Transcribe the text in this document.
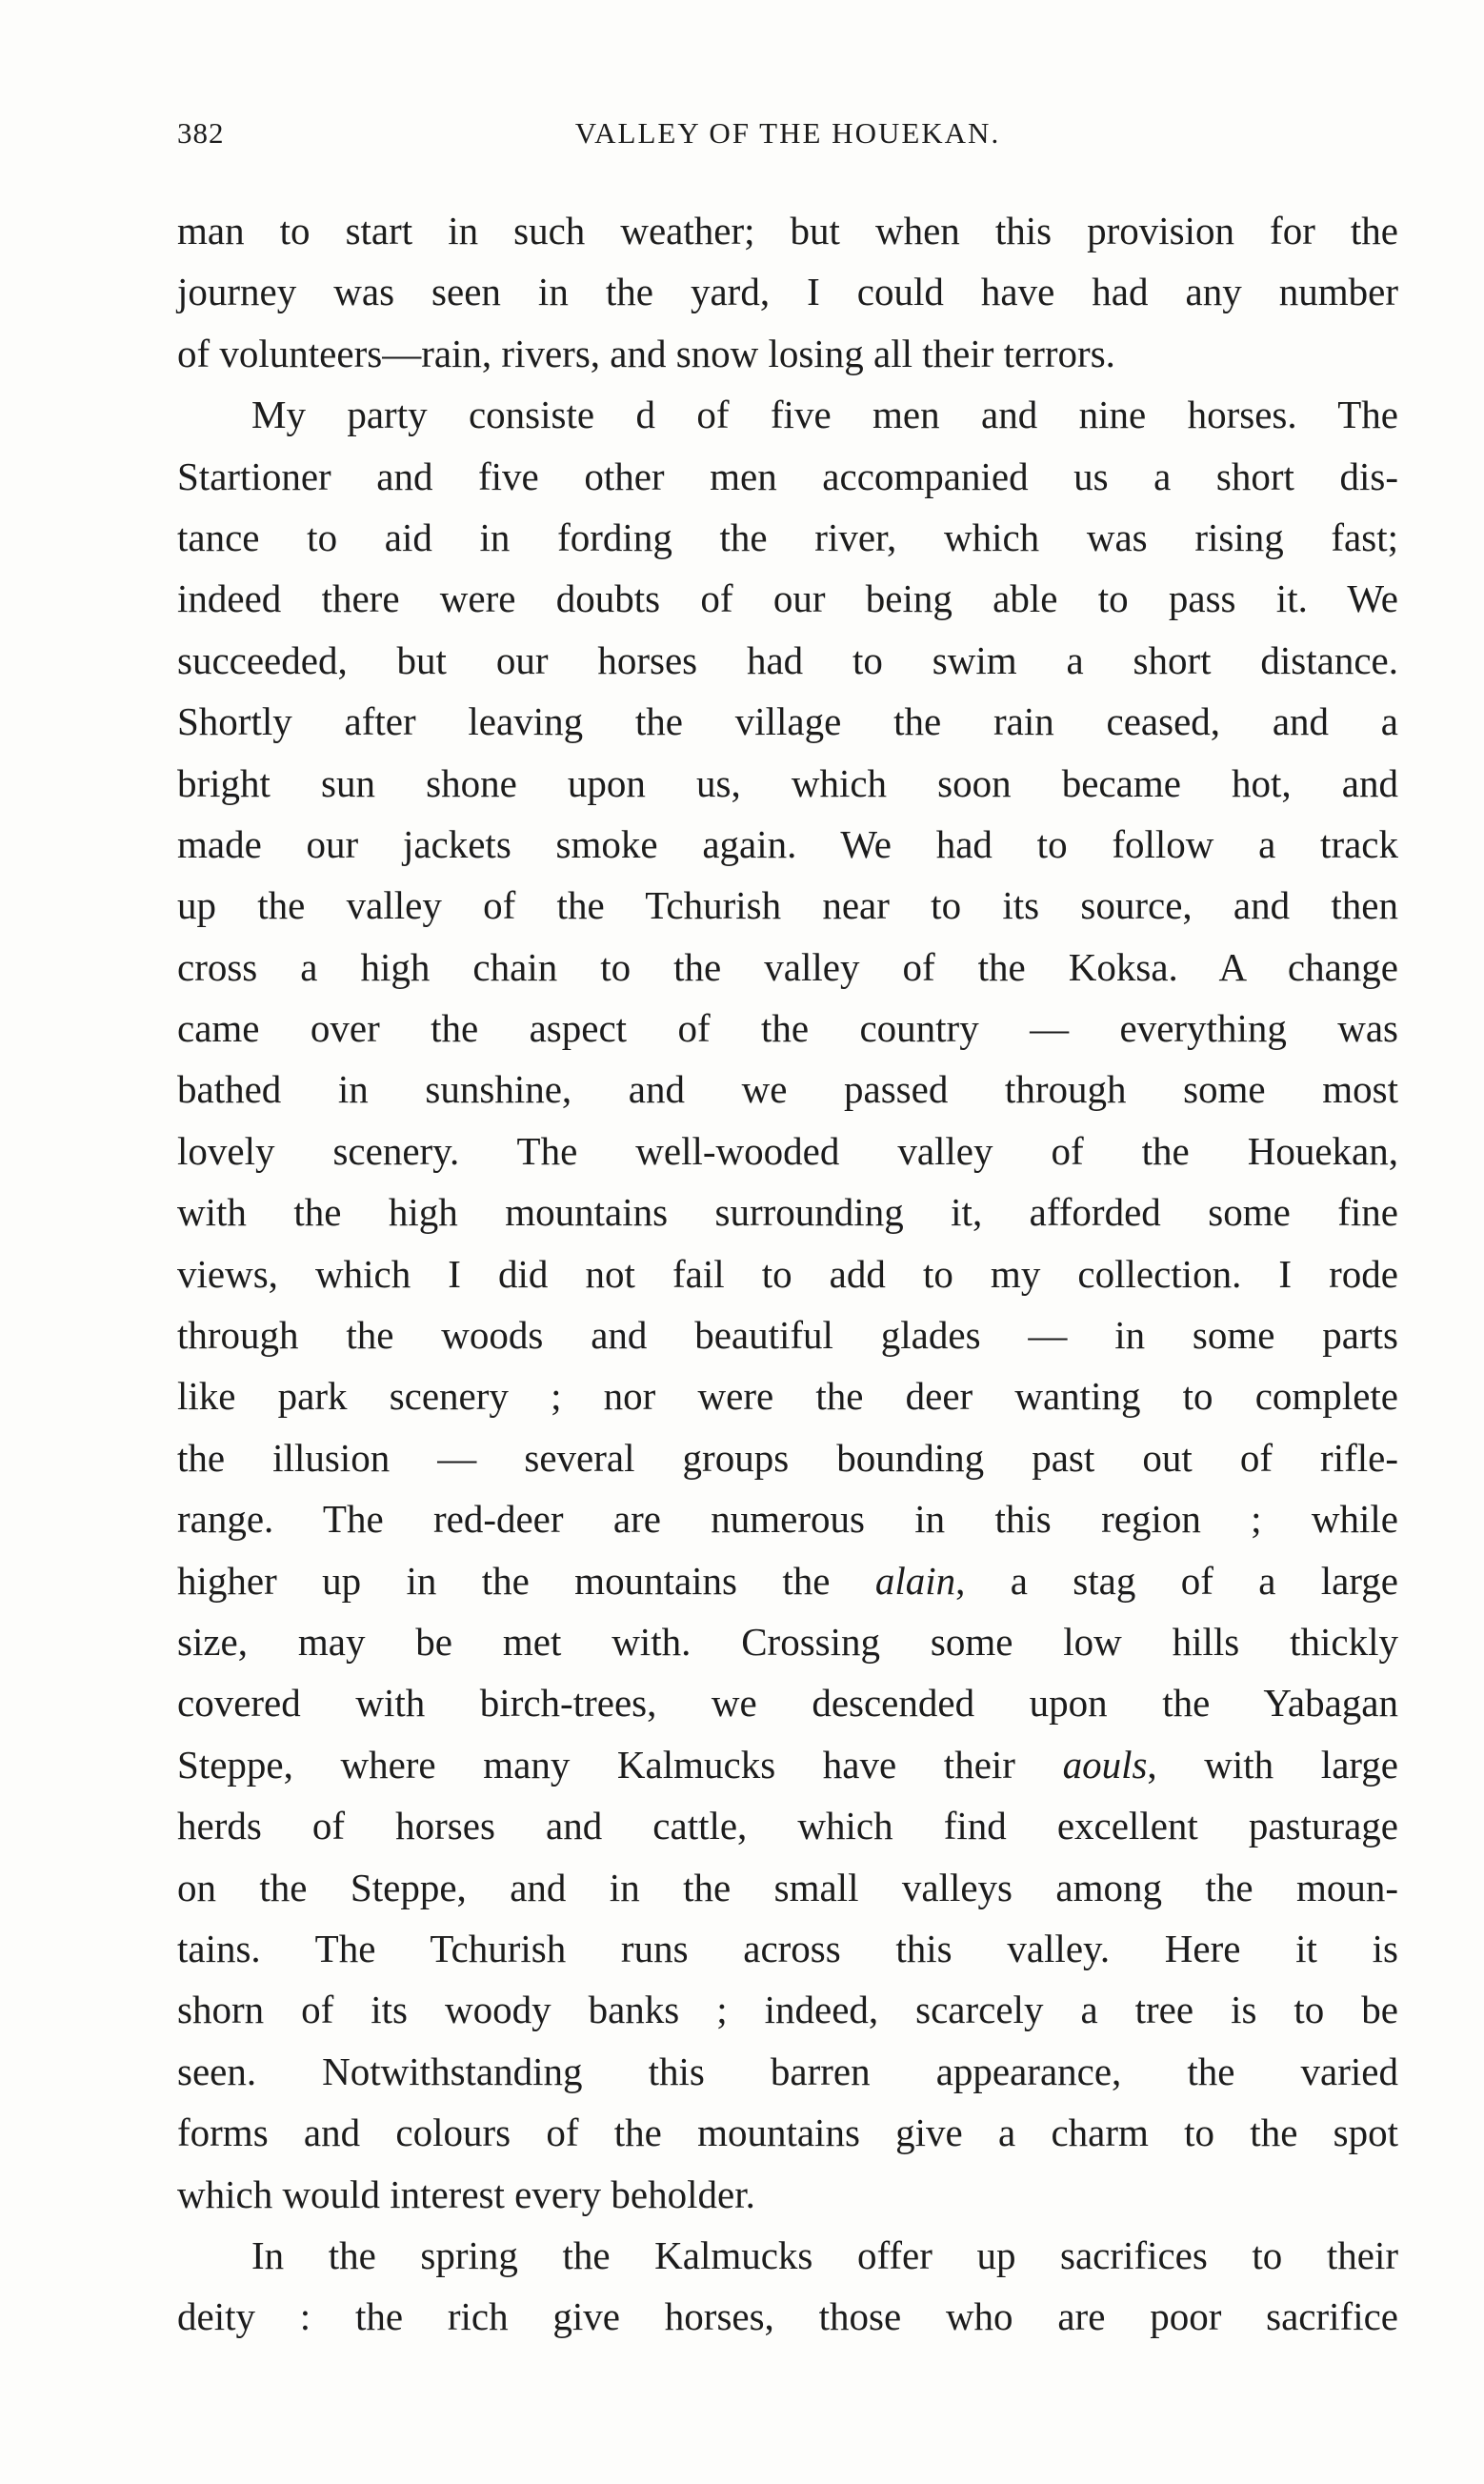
382	VALLEY OF THE HOUEKAN.
man to start in such weather; but when this provision for the
journey was seen in the yard, I could have had any number
of volunteers—rain, rivers, and snow losing all their terrors.
My party consiste d of five men and nine horses. The
Startioner and five other men accompanied us a short dis-
tance to aid in fording the river, which was rising fast;
indeed there were doubts of our being able to pass it. We
succeeded, but our horses had to swim a short distance.
Shortly after leaving the village the rain ceased, and a
bright sun shone upon us, which soon became hot, and
made our jackets smoke again. We had to follow a track
up the valley of the Tchurish near to its source, and then
cross a high chain to the valley of the Koksa. A change
came over the aspect of the country — everything was
bathed in sunshine, and we passed through some most
lovely scenery. The well-wooded valley of the Houekan,
with the high mountains surrounding it, afforded some fine
views, which I did not fail to add to my collection. I rode
through the woods and beautiful glades — in some parts
like park scenery ; nor were the deer wanting to complete
the illusion — several groups bounding past out of rifle-
range. The red-deer are numerous in this region ; while
higher up in the mountains the alain, a stag of a large
size, may be met with. Crossing some low hills thickly
covered with birch-trees, we descended upon the Yabagan
Steppe, where many Kalmucks have their aouls, with large
herds of horses and cattle, which find excellent pasturage
on the Steppe, and in the small valleys among the moun-
tains. The Tchurish runs across this valley. Here it is
shorn of its woody banks ; indeed, scarcely a tree is to be
seen. Notwithstanding this barren appearance, the varied
forms and colours of the mountains give a charm to the spot
which would interest every beholder.
In the spring the Kalmucks offer up sacrifices to their
deity : the rich give horses, those who are poor sacrifice
